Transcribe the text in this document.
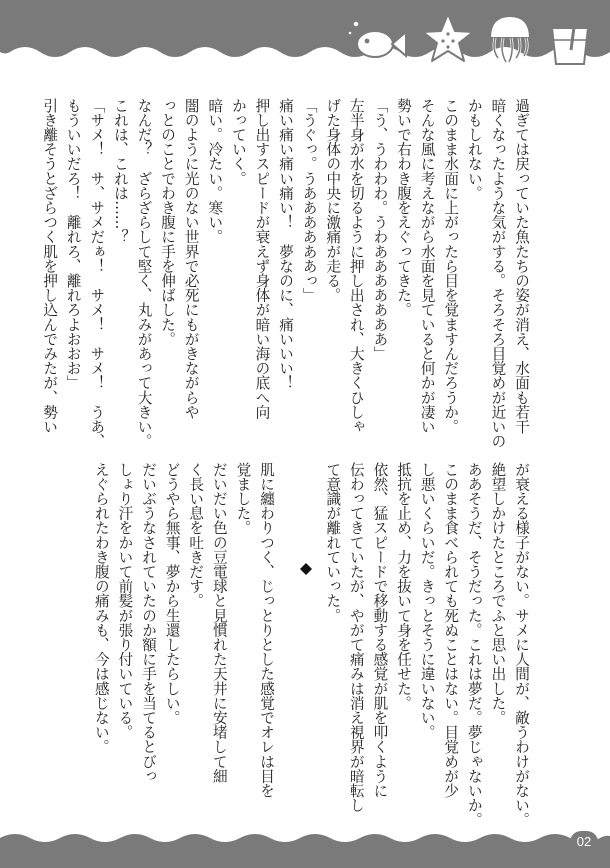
過ぎては戻っていた魚たちの姿が消え、水面も若干
暗くなったような気がする。そろそろ目覚めが近いの
かもしれない。
このまま水面に上がったら目を覚ますんだろうか。
そんな風に考えながら水面を見ていると何かが凄い
勢いで右わき腹をえぐってきた。
「う、うわわわ。うわあああああああ」
左半身が水を切るように押し出され、大きくひしゃ
げた身体の中央に激痛が走る。
「うぐっ。うああああああっ」
痛い痛い痛い痛い！　夢なのに、痛いいい！
押し出すスピードが衰えず身体が暗い海の底へ向
かっていく。
暗い。冷たい。寒い。
闇のように光のない世界で必死にもがきながらや
っとのことでわき腹に手を伸ばした。
なんだ？　ざらざらして堅く、丸みがあって大きい。
これは、これは……？
「サメ！　サ、サメだぁ！　サメ！　サメ！　うあ、
もういいだろ！　離れろ、離れろよおおお」
引き離そうとざらつく肌を押し込んでみたが、勢い
が衰える様子がない。サメに人間が、敵うわけがない。
絶望しかけたところでふと思い出した。
ああそうだ、そうだった。これは夢だ。夢じゃないか。
このまま食べられても死ぬことはない。目覚めが少
し悪いくらいだ。きっとそうに違いない。
抵抗を止め、力を抜いて身を任せた。
依然、猛スピードで移動する感覚が肌を叩くように
伝わってきていたが、やがて痛みは消え視界が暗転し
て意識が離れていった。
肌に纏わりつく、じっとりとした感覚でオレは目を
覚ました。
だいだい色の豆電球と見慣れた天井に安堵して細
く長い息を吐きだす。
どうやら無事、夢から生還したらしい。
だいぶうなされていたのか額に手を当てるとびっ
しょり汗をかいて前髪が張り付いている。
えぐられたわき腹の痛みも、今は感じない。
02
